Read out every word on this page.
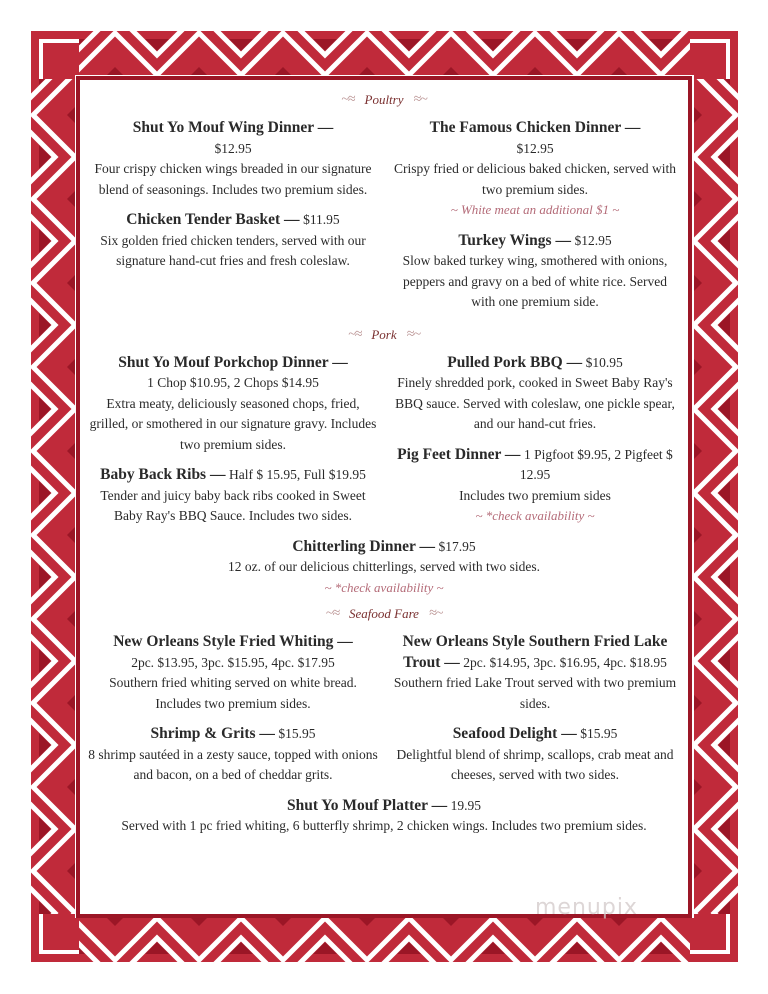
~≈ Poultry ≈~
Shut Yo Mouf Wing Dinner —
$12.95
Four crispy chicken wings breaded in our signature blend of seasonings. Includes two premium sides.
Chicken Tender Basket — $11.95
Six golden fried chicken tenders, served with our signature hand-cut fries and fresh coleslaw.
The Famous Chicken Dinner —
$12.95
Crispy fried or delicious baked chicken, served with two premium sides.
~ White meat an additional $1 ~
Turkey Wings — $12.95
Slow baked turkey wing, smothered with onions, peppers and gravy on a bed of white rice. Served with one premium side.
~≈ Pork ≈~
Shut Yo Mouf Porkchop Dinner —
1 Chop $10.95, 2 Chops $14.95
Extra meaty, deliciously seasoned chops, fried, grilled, or smothered in our signature gravy. Includes two premium sides.
Baby Back Ribs — Half $ 15.95, Full $19.95
Tender and juicy baby back ribs cooked in Sweet Baby Ray's BBQ Sauce. Includes two sides.
Pulled Pork BBQ — $10.95
Finely shredded pork, cooked in Sweet Baby Ray's BBQ sauce. Served with coleslaw, one pickle spear, and our hand-cut fries.
Pig Feet Dinner — 1 Pigfoot $9.95, 2 Pigfeet $ 12.95
Includes two premium sides
~ *check availability ~
Chitterling Dinner — $17.95
12 oz. of our delicious chitterlings, served with two sides.
~ *check availability ~
~≈ Seafood Fare ≈~
New Orleans Style Fried Whiting —
2pc. $13.95, 3pc. $15.95, 4pc. $17.95
Southern fried whiting served on white bread. Includes two premium sides.
Shrimp & Grits — $15.95
8 shrimp sautéed in a zesty sauce, topped with onions and bacon, on a bed of cheddar grits.
New Orleans Style Southern Fried Lake Trout — 2pc. $14.95, 3pc. $16.95, 4pc. $18.95
Southern fried Lake Trout served with two premium sides.
Seafood Delight — $15.95
Delightful blend of shrimp, scallops, crab meat and cheeses, served with two sides.
Shut Yo Mouf Platter — 19.95
Served with 1 pc fried whiting, 6 butterfly shrimp, 2 chicken wings. Includes two premium sides.
menupix
